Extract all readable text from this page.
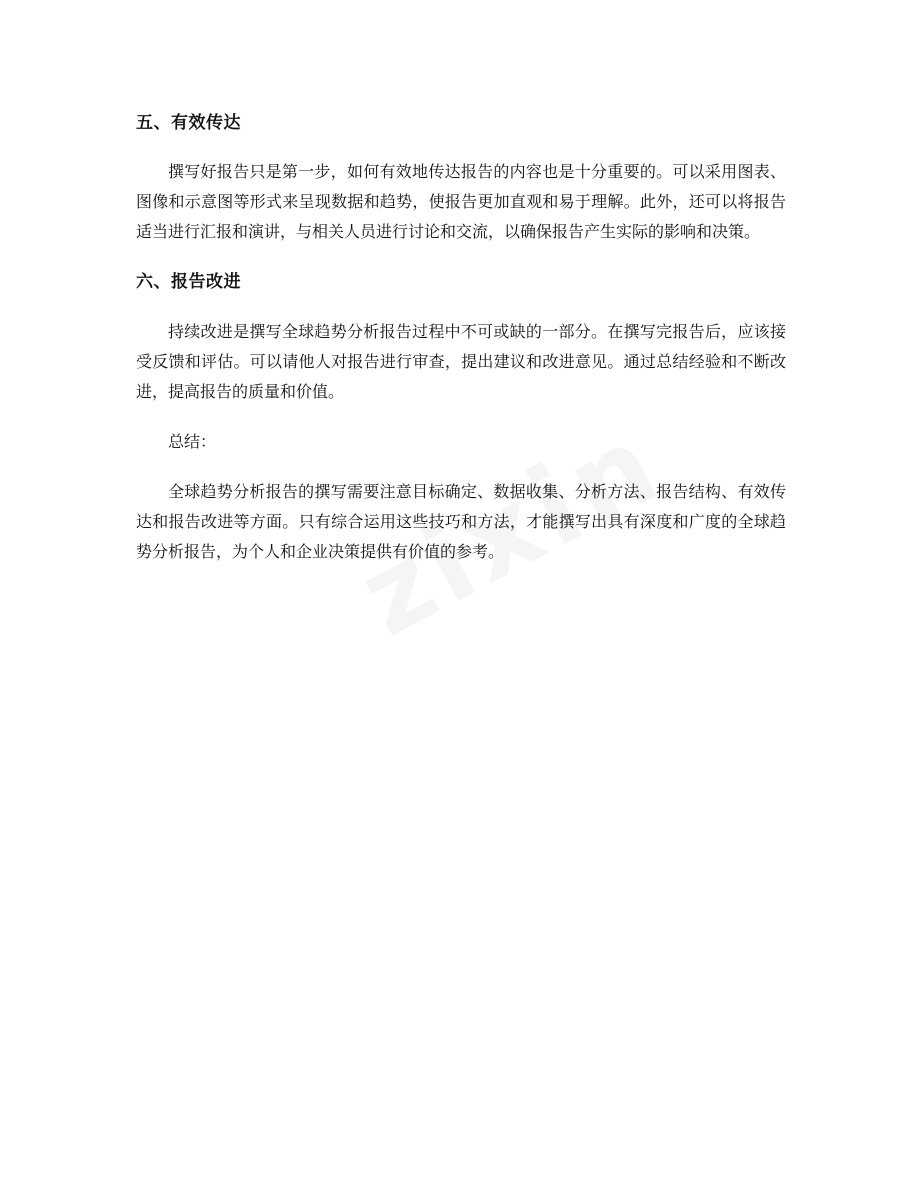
五、有效传达

撰写好报告只是第一步，如何有效地传达报告的内容也是十分重要的。可以采用图表、图像和示意图等形式来呈现数据和趋势，使报告更加直观和易于理解。此外，还可以将报告适当进行汇报和演讲，与相关人员进行讨论和交流，以确保报告产生实际的影响和决策。

六、报告改进

持续改进是撰写全球趋势分析报告过程中不可或缺的一部分。在撰写完报告后，应该接受反馈和评估。可以请他人对报告进行审查，提出建议和改进意见。通过总结经验和不断改进，提高报告的质量和价值。

总结：

全球趋势分析报告的撰写需要注意目标确定、数据收集、分析方法、报告结构、有效传达和报告改进等方面。只有综合运用这些技巧和方法，才能撰写出具有深度和广度的全球趋势分析报告，为个人和企业决策提供有价值的参考。
